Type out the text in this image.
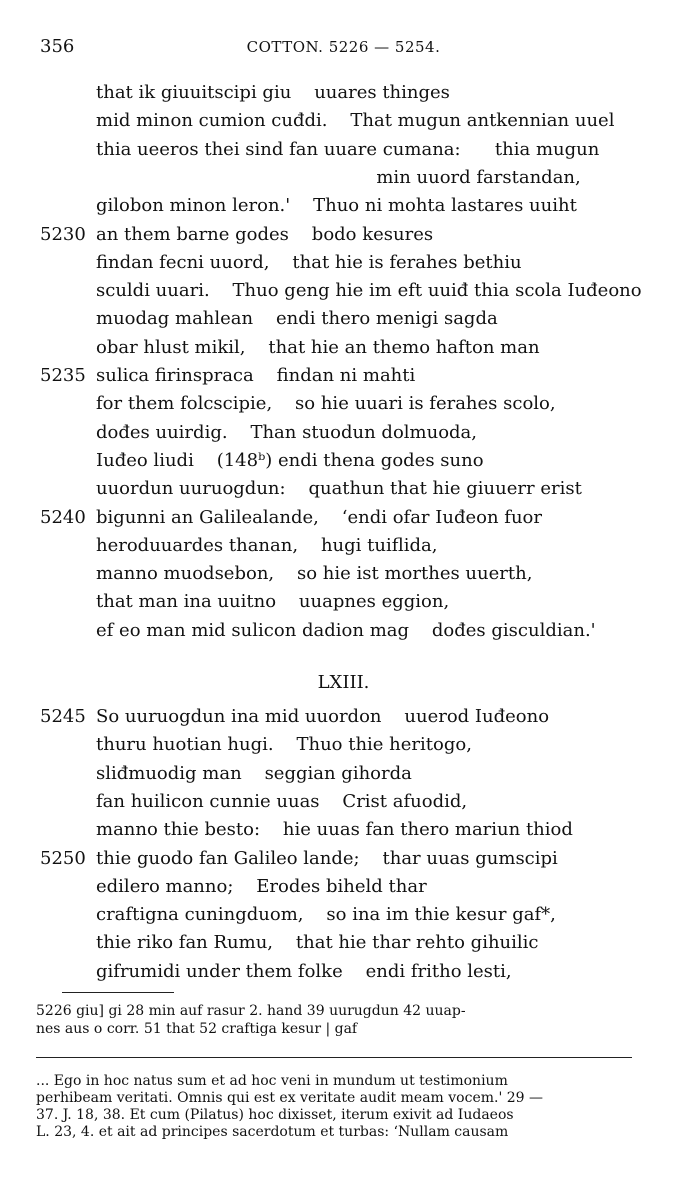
356	COTTON. 5226 — 5254.
that ik giuuitscipi giu    uuares thinges
mid minon cumion cuđdi.    That mugun antkennian uuel
thia ueeros thei sind fan uuare cumana:      thia mugun
min uuord farstandan,
gilobon minon leron.'    Thuo ni mohta lastares uuiht
5230 an them barne godes    bodo kesures
findan fecni uuord,    that hie is ferahes bethiu
sculdi uuari.    Thuo geng hie im eft uuiđ thia scola Iuđeono
muodag mahlean    endi thero menigi sagda
obar hlust mikil,    that hie an themo hafton man
5235 sulica firinspraca    findan ni mahti
for them folcscipie,    so hie uuari is ferahes scolo,
dođes uuirdig.    Than stuodun dolmuoda,
Iuđeo liudi    (148ᵇ) endi thena godes suno
uuordun uuruogdun:    quathun that hie giuuerr erist
5240 bigunni an Galilealande,    ‘endi ofar Iuđeon fuor
heroduuardes thanan,    hugi tuiflida,
manno muodsebon,    so hie ist morthes uuerth,
that man ina uuitno    uuapnes eggion,
ef eo man mid sulicon dadion mag    dođes gisculdian.'
LXIII.
5245 So uuruogdun ina mid uuordon    uuerod Iuđeono
thuru huotian hugi.    Thuo thie heritogo,
sliđmuodig man    seggian gihorda
fan huilicon cunnie uuas    Crist afuodid,
manno thie besto:    hie uuas fan thero mariun thiod
5250 thie guodo fan Galileo lande;    thar uuas gumscipi
edilero manno;    Erodes biheld thar
craftigna cuningduom,    so ina im thie kesur gaf*,
thie riko fan Rumu,    that hie thar rehto gihuilic
gifrumidi under them folke    endi fritho lesti,
5226 giu] gi 28 min auf rasur 2. hand 39 uurugdun 42 uuap-
nes aus o corr. 51 that 52 craftiga kesur | gaf
... Ego in hoc natus sum et ad hoc veni in mundum ut testimonium
perhibeam veritati. Omnis qui est ex veritate audit meam vocem.' 29 —
37. J. 18, 38. Et cum (Pilatus) hoc dixisset, iterum exivit ad Iudaeos
L. 23, 4. et ait ad principes sacerdotum et turbas: ‘Nullam causam
